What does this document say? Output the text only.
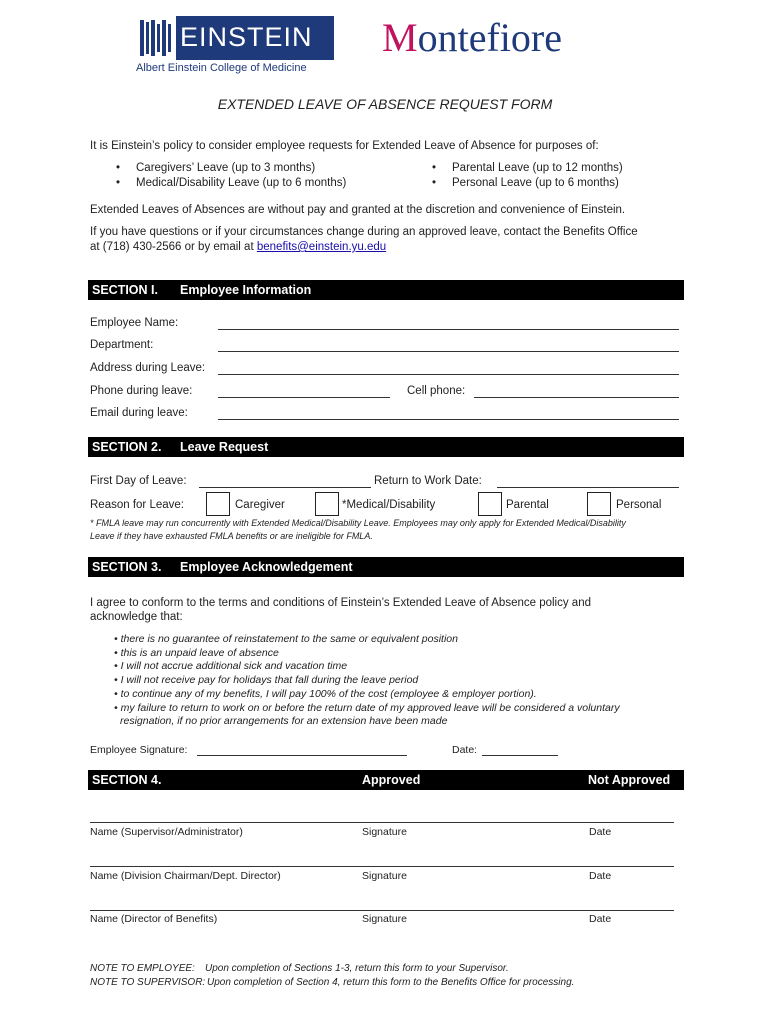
EINSTEIN
Albert Einstein College of Medicine
Montefiore
EXTENDED LEAVE OF ABSENCE REQUEST FORM
It is Einstein’s policy to consider employee requests for Extended Leave of Absence for purposes of:
• Caregivers’ Leave (up to 3 months)
• Medical/Disability Leave (up to 6 months)
• Parental Leave (up to 12 months)
• Personal Leave (up to 6 months)
Extended Leaves of Absences are without pay and granted at the discretion and convenience of Einstein.
If you have questions or if your circumstances change during an approved leave, contact the Benefits Office
at (718) 430-2566 or by email at benefits@einstein.yu.edu
SECTION I. Employee Information
Employee Name:
Department:
Address during Leave:
Phone during leave:	Cell phone:
Email during leave:
SECTION 2. Leave Request
First Day of Leave:	Return to Work Date:
Reason for Leave:	Caregiver	*Medical/Disability	Parental	Personal
* FMLA leave may run concurrently with Extended Medical/Disability Leave. Employees may only apply for Extended Medical/Disability
Leave if they have exhausted FMLA benefits or are ineligible for FMLA.
SECTION 3. Employee Acknowledgement
I agree to conform to the terms and conditions of Einstein’s Extended Leave of Absence policy and
acknowledge that:
• there is no guarantee of reinstatement to the same or equivalent position
• this is an unpaid leave of absence
• I will not accrue additional sick and vacation time
• I will not receive pay for holidays that fall during the leave period
• to continue any of my benefits, I will pay 100% of the cost (employee & employer portion).
• my failure to return to work on or before the return date of my approved leave will be considered a voluntary
resignation, if no prior arrangements for an extension have been made
Employee Signature:	Date:
SECTION 4.	Approved	Not Approved
Name (Supervisor/Administrator)	Signature	Date
Name (Division Chairman/Dept. Director)	Signature	Date
Name (Director of Benefits)	Signature	Date
NOTE TO EMPLOYEE: Upon completion of Sections 1-3, return this form to your Supervisor.
NOTE TO SUPERVISOR: Upon completion of Section 4, return this form to the Benefits Office for processing.
